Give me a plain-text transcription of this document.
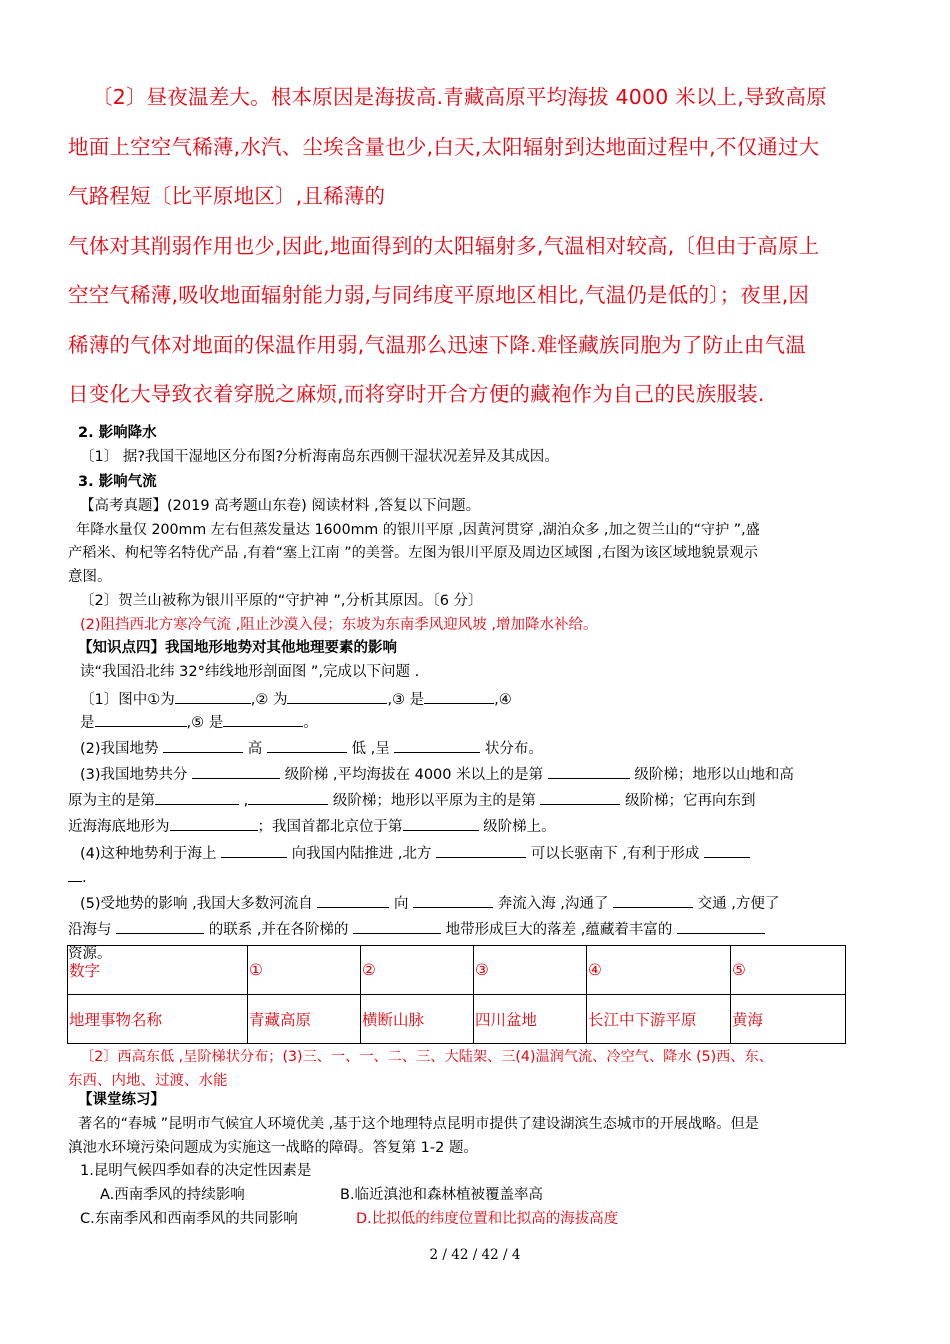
〔2〕昼夜温差大。根本原因是海拔高.青藏高原平均海拔 4000 米以上,导致高原
地面上空空气稀薄,水汽、尘埃含量也少,白天,太阳辐射到达地面过程中,不仅通过大
气路程短〔比平原地区〕,且稀薄的
气体对其削弱作用也少,因此,地面得到的太阳辐射多,气温相对较高,〔但由于高原上
空空气稀薄,吸收地面辐射能力弱,与同纬度平原地区相比,气温仍是低的〕；夜里,因
稀薄的气体对地面的保温作用弱,气温那么迅速下降.难怪藏族同胞为了防止由气温
日变化大导致衣着穿脱之麻烦,而将穿时开合方便的藏袍作为自己的民族服装.
2. 影响降水
〔1〕 据?我国干湿地区分布图?分析海南岛东西侧干湿状况差异及其成因。
3. 影响气流
【高考真题】(2019 高考题山东卷) 阅读材料 ,答复以下问题。
年降水量仅 200mm 左右但蒸发量达 1600mm 的银川平原 ,因黄河贯穿 ,湖泊众多 ,加之贺兰山的“守护 ”,盛
产稻米、枸杞等名特优产品 ,有着“塞上江南 ”的美誉。左图为银川平原及周边区域图 ,右图为该区域地貌景观示
意图。
〔2〕贺兰山被称为银川平原的“守护神 ”,分析其原因。〔6 分〕
(2)阻挡西北方寒冷气流 ,阻止沙漠入侵；东坡为东南季风迎风坡 ,增加降水补给。
【知识点四】我国地形地势对其他地理要素的影响
读“我国沿北纬 32°纬线地形剖面图 ”,完成以下问题 .
〔1〕图中①为	,② 为	,③ 是	,④
是	,⑤ 是	。
(2)我国地势	高	低 ,呈	状分布。
(3)我国地势共分	级阶梯 ,平均海拔在 4000 米以上的是第	级阶梯；地形以山地和高
原为主的是第	,	级阶梯；地形以平原为主的是第	级阶梯；它再向东到
近海海底地形为	；我国首都北京位于第	级阶梯上。
(4)这种地势利于海上	向我国内陆推进 ,北方	可以长驱南下 ,有利于形成
.
(5)受地势的影响 ,我国大多数河流自	向	奔流入海 ,沟通了	交通 ,方便了
沿海与	的联系 ,并在各阶梯的	地带形成巨大的落差 ,蕴藏着丰富的
资源。
数字	①	②	③	④	⑤
地理事物名称	青藏高原	横断山脉	四川盆地	长江中下游平原	黄海
〔2〕西高东低 ,呈阶梯状分布；(3)三、一、一、二、三、大陆架、三(4)温润气流、冷空气、降水 (5)西、东、
东西、内地、过渡、水能
【课堂练习】
著名的“春城 ”昆明市气候宜人环境优美 ,基于这个地理特点昆明市提供了建设湖滨生态城市的开展战略。但是
滇池水环境污染问题成为实施这一战略的障碍。答复第 1-2 题。
1.昆明气候四季如春的决定性因素是
A.西南季风的持续影响	B.临近滇池和森林植被覆盖率高
C.东南季风和西南季风的共同影响	D.比拟低的纬度位置和比拟高的海拔高度
2 / 42 / 42 / 4
